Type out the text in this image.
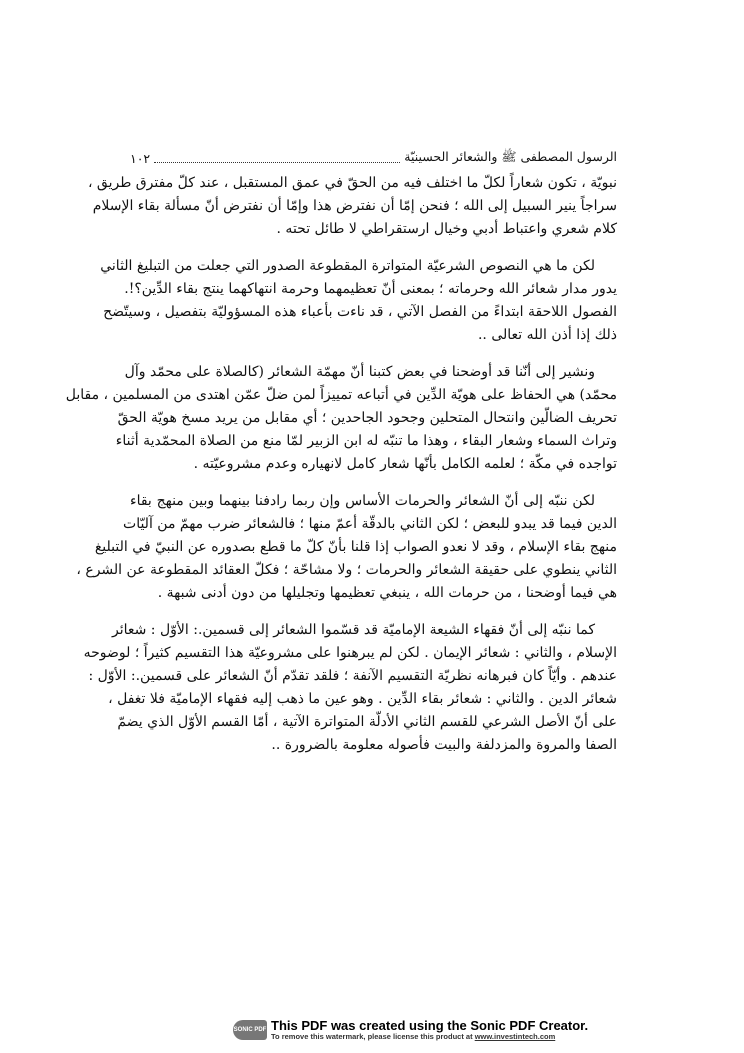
الرسول المصطفى ﷺ والشعائر الحسينيّة
١٠٢
نبويّة ، تكون شعاراً لكلّ ما اختلف فيه من الحقّ في عمق المستقبل ، عند كلّ مفترق طريق ،
سراجاً ينير السبيل إلى الله ؛ فنحن إمّا أن نفترض هذا وإمّا أن نفترض أنّ مسألة بقاء الإسلام
كلام شعري واعتباط أدبي وخيال ارستقراطي لا طائل تحته .
لكن ما هي النصوص الشرعيّة المتواترة المقطوعة الصدور التي جعلت من التبليغ الثاني
يدور مدار شعائر الله وحرماته ؛ بمعنى أنّ تعظيمهما وحرمة انتهاكهما ينتج بقاء الدِّين؟!.
الفصول اللاحقة ابتداءً من الفصل الآتي ، قد ناءت بأعباء هذه المسؤوليّة بتفصيل ، وسيتّضح
ذلك إذا أذن الله تعالى ..
ونشير إلى أنّنا قد أوضحنا في بعض كتبنا أنّ مهمّة الشعائر (كالصلاة على محمّد وآل
محمّد) هي الحفاظ على هويّة الدِّين في أتباعه تمييزاً لمن ضلّ عمّن اهتدى من المسلمين ، مقابل
تحريف الضالّين وانتحال المتحلين وجحود الجاحدين ؛ أي مقابل من يريد مسخ هويّة الحقّ
وتراث السماء وشعار البقاء ، وهذا ما تنبّه له ابن الزبير لمّا منع من الصلاة المحمّدية أثناء
تواجده في مكّة ؛ لعلمه الكامل بأنّها شعار كامل لانهياره وعدم مشروعيّته .
لكن ننبّه إلى أنّ الشعائر والحرمات الأساس وإن ربما رادفنا بينهما وبين منهج بقاء
الدين فيما قد يبدو للبعض ؛ لكن الثاني بالدقّة أعمّ منها ؛ فالشعائر ضرب مهمّ من آليّات
منهج بقاء الإسلام ، وقد لا نعدو الصواب إذا قلنا بأنّ كلّ ما قطع بصدوره عن النبيّ في التبليغ
الثاني ينطوي على حقيقة الشعائر والحرمات ؛ ولا مشاحّة ؛ فكلّ العقائد المقطوعة عن الشرع ،
هي فيما أوضحنا ، من حرمات الله ، ينبغي تعظيمها وتجليلها من دون أدنى شبهة .
كما ننبّه إلى أنّ فقهاء الشيعة الإماميّة قد قسّموا الشعائر إلى قسمين.: الأوّل : شعائر
الإسلام ، والثاني : شعائر الإيمان . لكن لم يبرهنوا على مشروعيّة هذا التقسيم كثيراً ؛ لوضوحه
عندهم . وأيّاً كان فبرهانه نظريّة التقسيم الآنفة ؛ فلقد تقدّم أنّ الشعائر على قسمين.: الأوّل :
شعائر الدين . والثاني : شعائر بقاء الدِّين . وهو عين ما ذهب إليه فقهاء الإماميّة فلا تغفل ،
على أنّ الأصل الشرعي للقسم الثاني الأدلّة المتواترة الآتية ، أمّا القسم الأوّل الذي يضمّ
الصفا والمروة والمزدلفة والبيت فأصوله معلومة بالضرورة ..
SONIC PDF This PDF was created using the Sonic PDF Creator.
To remove this watermark, please license this product at www.investintech.com
